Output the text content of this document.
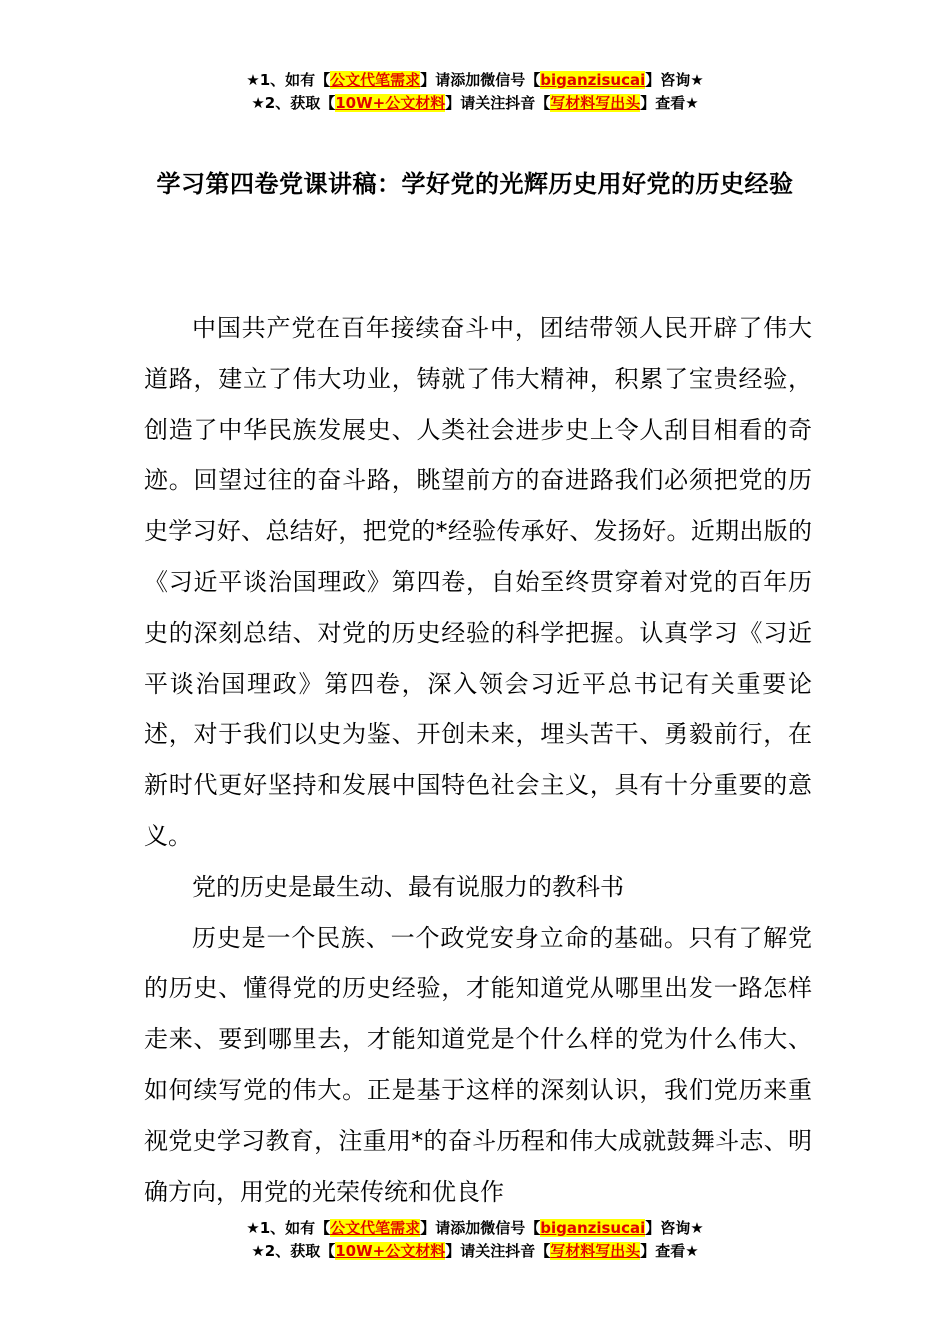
★1、如有【公文代笔需求】请添加微信号【biganzisucai】咨询★
★2、获取【10W+公文材料】请关注抖音【写材料写出头】查看★
学习第四卷党课讲稿：学好党的光辉历史用好党的历史经验

中国共产党在百年接续奋斗中，团结带领人民开辟了伟大道路，建立了伟大功业，铸就了伟大精神，积累了宝贵经验，创造了中华民族发展史、人类社会进步史上令人刮目相看的奇迹。回望过往的奋斗路，眺望前方的奋进路我们必须把党的历史学习好、总结好，把党的*经验传承好、发扬好。近期出版的《习近平谈治国理政》第四卷，自始至终贯穿着对党的百年历史的深刻总结、对党的历史经验的科学把握。认真学习《习近平谈治国理政》第四卷，深入领会习近平总书记有关重要论述，对于我们以史为鉴、开创未来，埋头苦干、勇毅前行，在新时代更好坚持和发展中国特色社会主义，具有十分重要的意义。

党的历史是最生动、最有说服力的教科书

历史是一个民族、一个政党安身立命的基础。只有了解党的历史、懂得党的历史经验，才能知道党从哪里出发一路怎样走来、要到哪里去，才能知道党是个什么样的党为什么伟大、如何续写党的伟大。正是基于这样的深刻认识，我们党历来重视党史学习教育，注重用*的奋斗历程和伟大成就鼓舞斗志、明确方向，用党的光荣传统和优良作

★1、如有【公文代笔需求】请添加微信号【biganzisucai】咨询★
★2、获取【10W+公文材料】请关注抖音【写材料写出头】查看★
